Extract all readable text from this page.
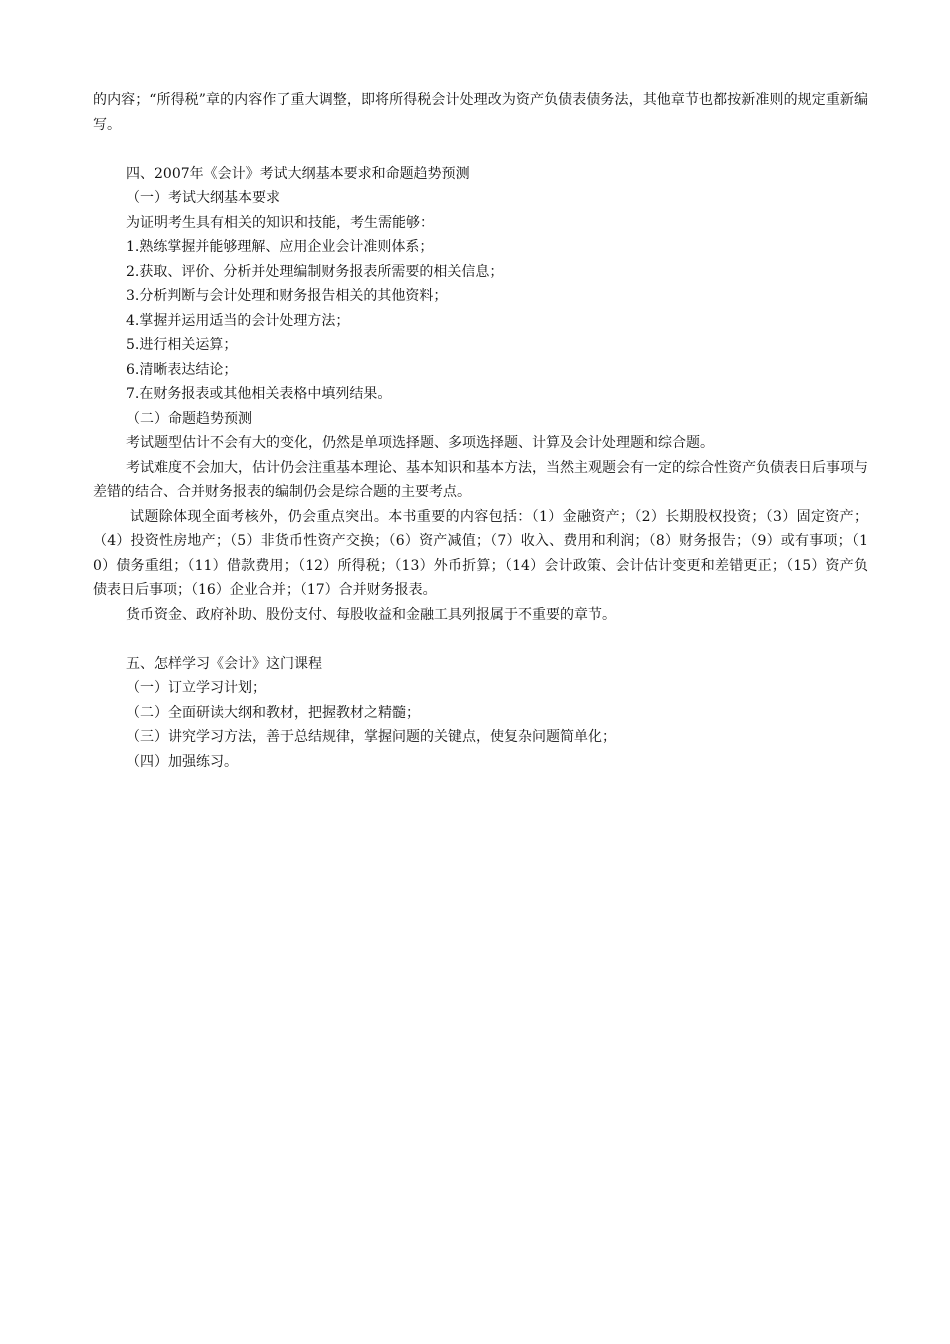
的内容；“所得税”章的内容作了重大调整，即将所得税会计处理改为资产负债表债务法，其他章节也都按新准则的规定重新编写。

四、2007年《会计》考试大纲基本要求和命题趋势预测

（一）考试大纲基本要求

为证明考生具有相关的知识和技能，考生需能够：

1.熟练掌握并能够理解、应用企业会计准则体系；

2.获取、评价、分析并处理编制财务报表所需要的相关信息；

3.分析判断与会计处理和财务报告相关的其他资料；

4.掌握并运用适当的会计处理方法；

5.进行相关运算；

6.清晰表达结论；

7.在财务报表或其他相关表格中填列结果。

（二）命题趋势预测

考试题型估计不会有大的变化，仍然是单项选择题、多项选择题、计算及会计处理题和综合题。

考试难度不会加大，估计仍会注重基本理论、基本知识和基本方法，当然主观题会有一定的综合性资产负债表日后事项与差错的结合、合并财务报表的编制仍会是综合题的主要考点。

试题除体现全面考核外，仍会重点突出。本书重要的内容包括：（1）金融资产；（2）长期股权投资；（3）固定资产；（4）投资性房地产；（5）非货币性资产交换；（6）资产减值；（7）收入、费用和利润；（8）财务报告；（9）或有事项；（10）债务重组；（11）借款费用；（12）所得税；（13）外币折算；（14）会计政策、会计估计变更和差错更正；（15）资产负债表日后事项；（16）企业合并；（17）合并财务报表。

货币资金、政府补助、股份支付、每股收益和金融工具列报属于不重要的章节。

五、怎样学习《会计》这门课程

（一）订立学习计划；

（二）全面研读大纲和教材，把握教材之精髓；

（三）讲究学习方法，善于总结规律，掌握问题的关键点，使复杂问题简单化；

（四）加强练习。
